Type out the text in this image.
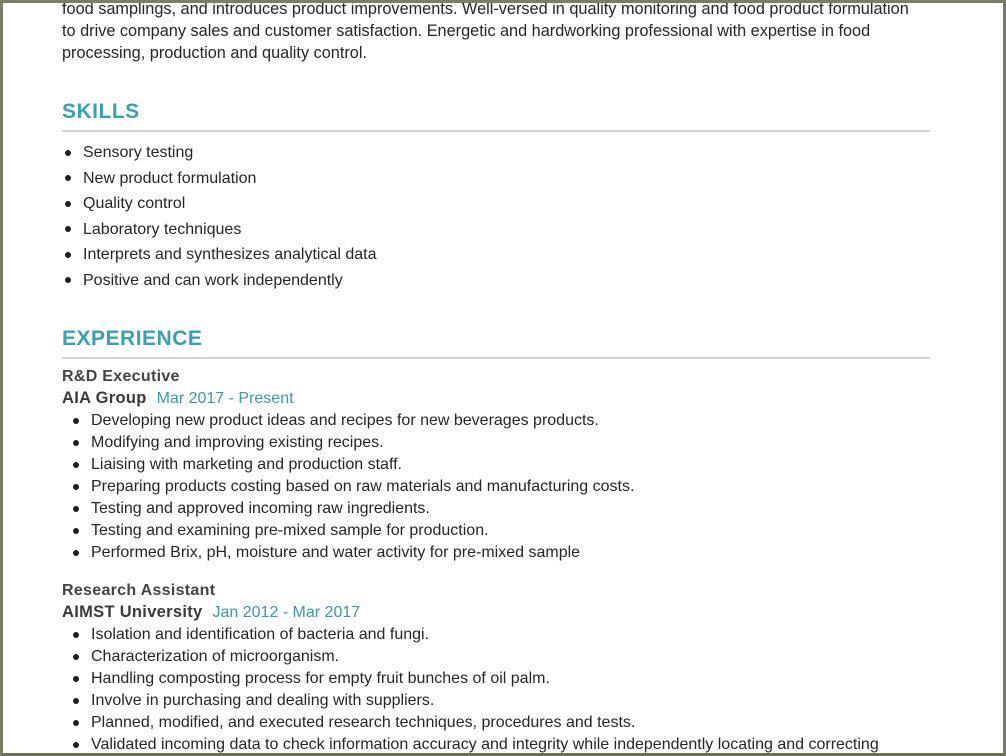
food samplings, and introduces product improvements. Well-versed in quality monitoring and food product formulation
to drive company sales and customer satisfaction. Energetic and hardworking professional with expertise in food
processing, production and quality control.

SKILLS
Sensory testing
New product formulation
Quality control
Laboratory techniques
Interprets and synthesizes analytical data
Positive and can work independently
EXPERIENCE
R&D Executive
AIA Group Mar 2017 - Present
Developing new product ideas and recipes for new beverages products.
Modifying and improving existing recipes.
Liaising with marketing and production staff.
Preparing products costing based on raw materials and manufacturing costs.
Testing and approved incoming raw ingredients.
Testing and examining pre-mixed sample for production.
Performed Brix, pH, moisture and water activity for pre-mixed sample
Research Assistant
AIMST University Jan 2012 - Mar 2017
Isolation and identification of bacteria and fungi.
Characterization of microorganism.
Handling composting process for empty fruit bunches of oil palm.
Involve in purchasing and dealing with suppliers.
Planned, modified, and executed research techniques, procedures and tests.
Validated incoming data to check information accuracy and integrity while independently locating and correcting
